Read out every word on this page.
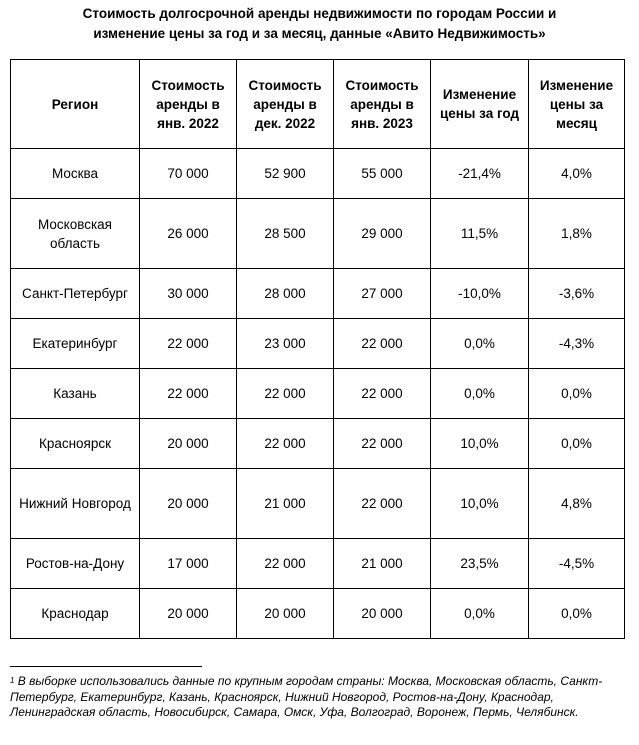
Стоимость долгосрочной аренды недвижимости по городам России и
изменение цены за год и за месяц, данные «Авито Недвижимость»
Регион	Стоимость аренды в янв. 2022	Стоимость аренды в дек. 2022	Стоимость аренды в янв. 2023	Изменение цены за год	Изменение цены за месяц
Москва	70 000	52 900	55 000	-21,4%	4,0%
Московская область	26 000	28 500	29 000	11,5%	1,8%
Санкт-Петербург	30 000	28 000	27 000	-10,0%	-3,6%
Екатеринбург	22 000	23 000	22 000	0,0%	-4,3%
Казань	22 000	22 000	22 000	0,0%	0,0%
Красноярск	20 000	22 000	22 000	10,0%	0,0%
Нижний Новгород	20 000	21 000	22 000	10,0%	4,8%
Ростов-на-Дону	17 000	22 000	21 000	23,5%	-4,5%
Краснодар	20 000	20 000	20 000	0,0%	0,0%
$^1$ В выборке использовались данные по крупным городам страны: Москва, Московская область, Санкт-Петербург, Екатеринбург, Казань, Красноярск, Нижний Новгород, Ростов-на-Дону, Краснодар, Ленинградская область, Новосибирск, Самара, Омск, Уфа, Волгоград, Воронеж, Пермь, Челябинск.
